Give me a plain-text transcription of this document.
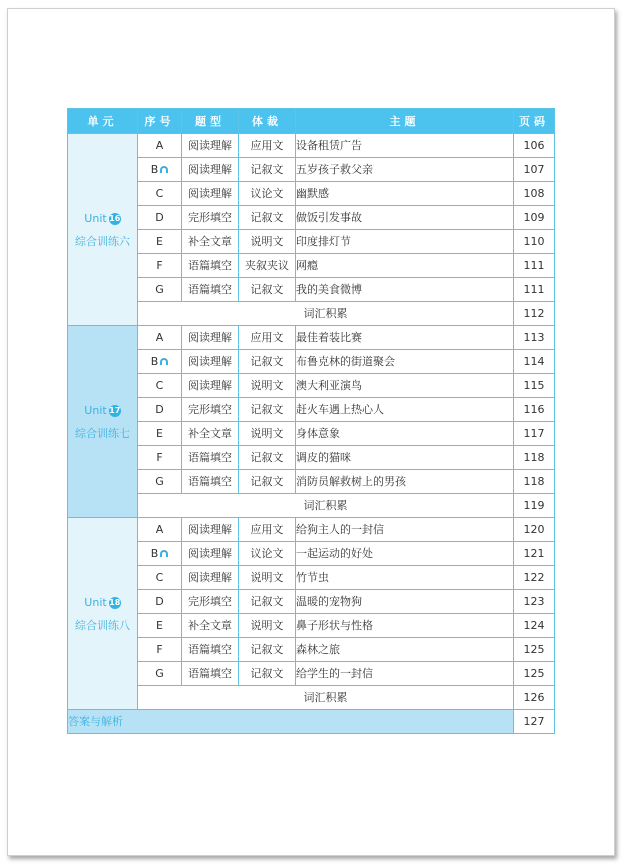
单元	序号	题型	体裁	主题	页码

Unit 16
综合训练六	A	阅读理解	应用文	设备租赁广告	106
	B	阅读理解	记叙文	五岁孩子救父亲	107
	C	阅读理解	议论文	幽默感	108
	D	完形填空	记叙文	做饭引发事故	109
	E	补全文章	说明文	印度排灯节	110
	F	语篇填空	夹叙夹议	网瘾	111
	G	语篇填空	记叙文	我的美食微博	111
	词汇积累				112

Unit 17
综合训练七	A	阅读理解	应用文	最佳着装比赛	113
	B	阅读理解	记叙文	布鲁克林的街道聚会	114
	C	阅读理解	说明文	澳大利亚演鸟	115
	D	完形填空	记叙文	赶火车遇上热心人	116
	E	补全文章	说明文	身体意象	117
	F	语篇填空	记叙文	调皮的猫咪	118
	G	语篇填空	记叙文	消防员解救树上的男孩	118
	词汇积累				119

Unit 18
综合训练八	A	阅读理解	应用文	给狗主人的一封信	120
	B	阅读理解	议论文	一起运动的好处	121
	C	阅读理解	说明文	竹节虫	122
	D	完形填空	记叙文	温暖的宠物狗	123
	E	补全文章	说明文	鼻子形状与性格	124
	F	语篇填空	记叙文	森林之旅	125
	G	语篇填空	记叙文	给学生的一封信	125
	词汇积累				126
答案与解析					127
